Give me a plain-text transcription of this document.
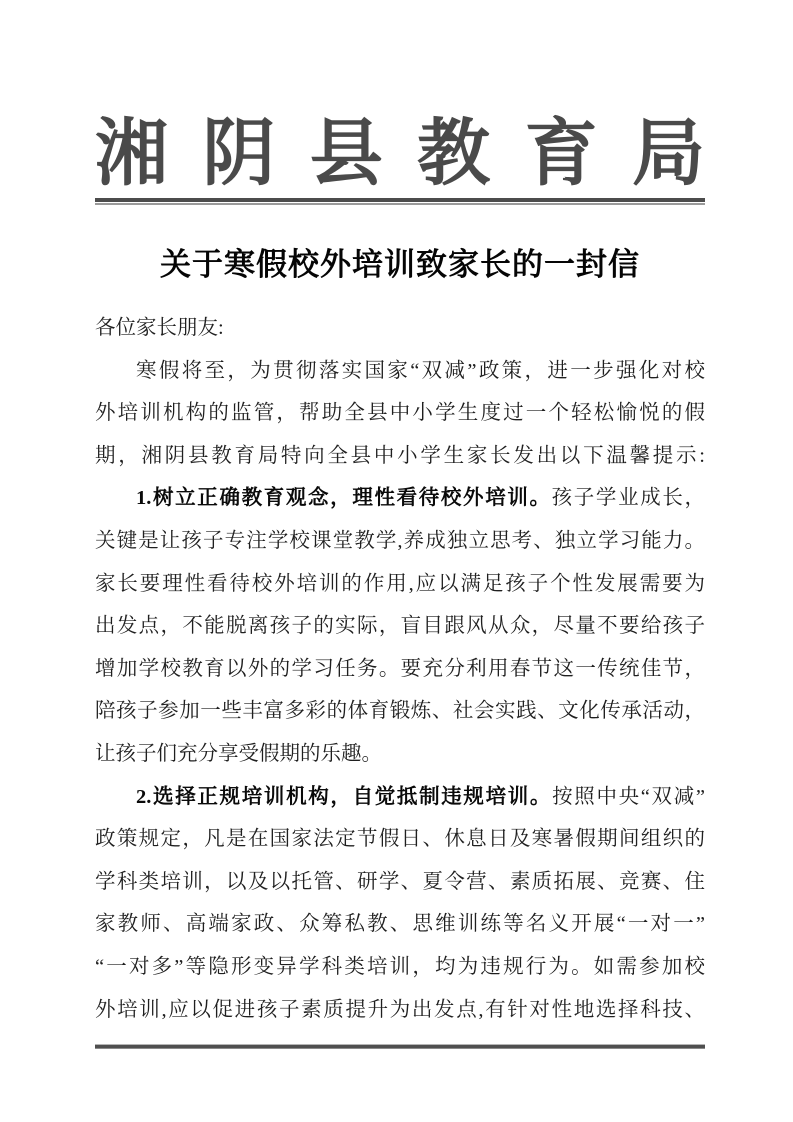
湘 阴 县 教 育 局
关于寒假校外培训致家长的一封信
各位家长朋友:
寒假将至，为贯彻落实国家“双减”政策，进一步强化对校
外培训机构的监管，帮助全县中小学生度过一个轻松愉悦的假
期，湘阴县教育局特向全县中小学生家长发出以下温馨提示:
1.树立正确教育观念，理性看待校外培训。孩子学业成长，
关键是让孩子专注学校课堂教学,养成独立思考、独立学习能力。
家长要理性看待校外培训的作用,应以满足孩子个性发展需要为
出发点，不能脱离孩子的实际，盲目跟风从众，尽量不要给孩子
增加学校教育以外的学习任务。要充分利用春节这一传统佳节，
陪孩子参加一些丰富多彩的体育锻炼、社会实践、文化传承活动，
让孩子们充分享受假期的乐趣。
2.选择正规培训机构，自觉抵制违规培训。按照中央“双减”
政策规定，凡是在国家法定节假日、休息日及寒暑假期间组织的
学科类培训，以及以托管、研学、夏令营、素质拓展、竞赛、住
家教师、高端家政、众筹私教、思维训练等名义开展“一对一”
“一对多”等隐形变异学科类培训，均为违规行为。如需参加校
外培训,应以促进孩子素质提升为出发点,有针对性地选择科技、
